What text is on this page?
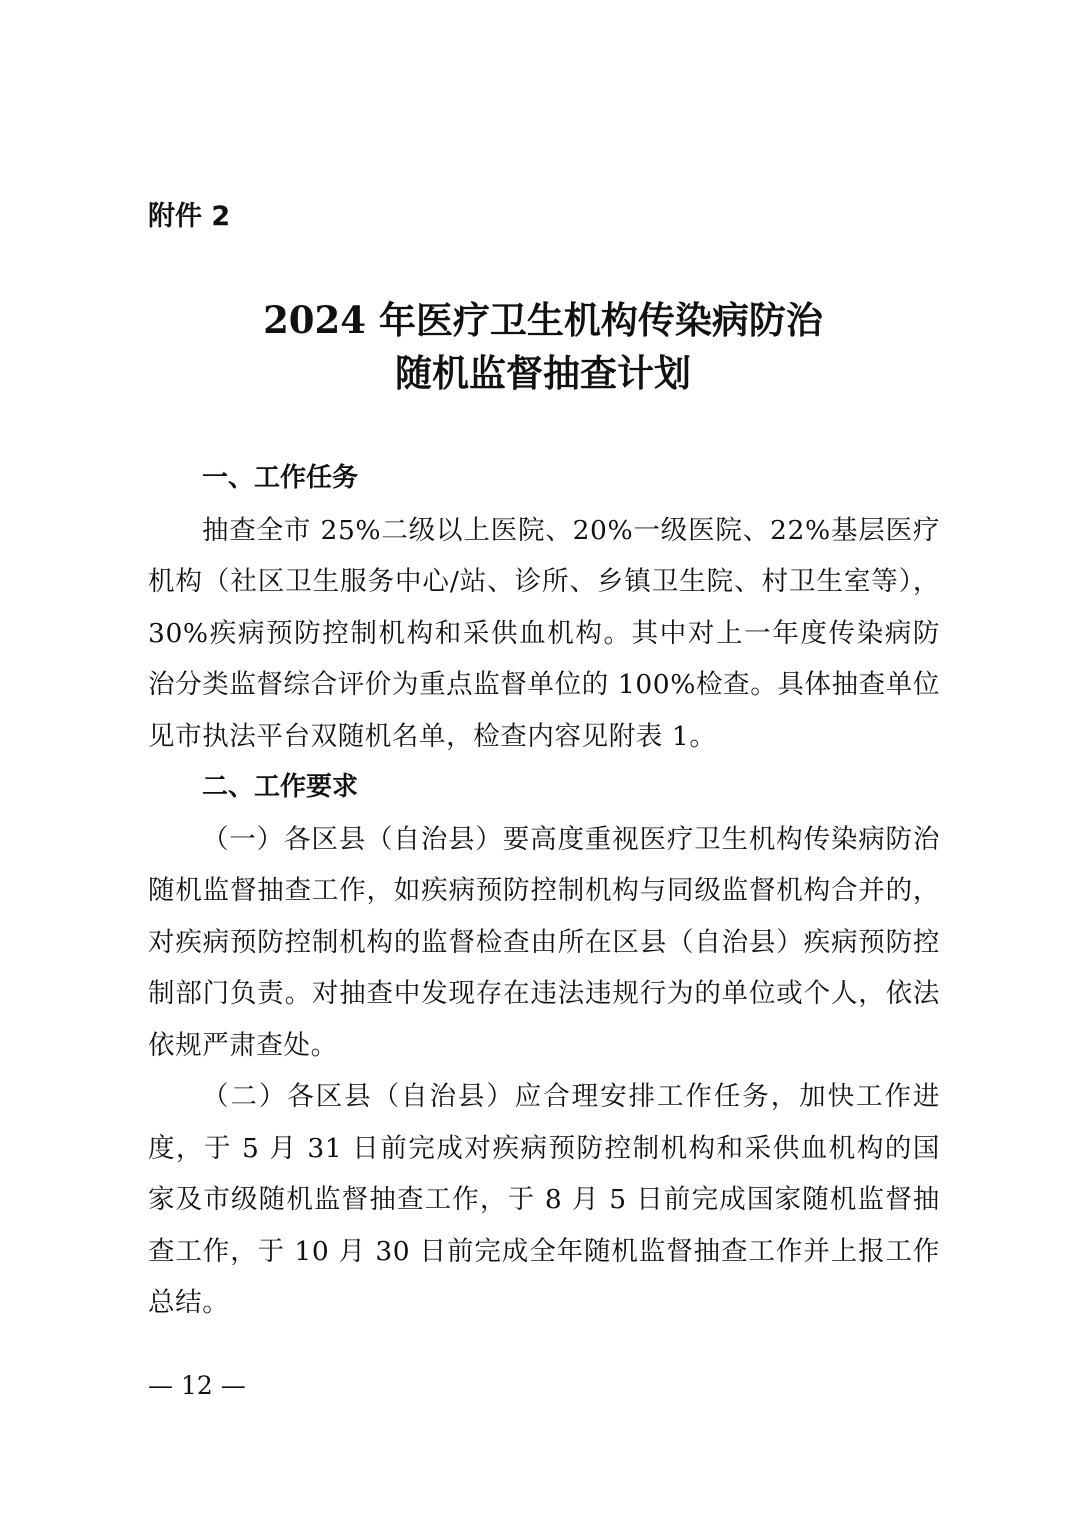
附件 2
2024 年医疗卫生机构传染病防治
随机监督抽查计划

一、工作任务

抽查全市 25%二级以上医院、20%一级医院、22%基层医疗机构（社区卫生服务中心/站、诊所、乡镇卫生院、村卫生室等），30%疾病预防控制机构和采供血机构。其中对上一年度传染病防治分类监督综合评价为重点监督单位的 100%检查。具体抽查单位见市执法平台双随机名单，检查内容见附表 1。

二、工作要求

（一）各区县（自治县）要高度重视医疗卫生机构传染病防治随机监督抽查工作，如疾病预防控制机构与同级监督机构合并的，对疾病预防控制机构的监督检查由所在区县（自治县）疾病预防控制部门负责。对抽查中发现存在违法违规行为的单位或个人，依法依规严肃查处。

（二）各区县（自治县）应合理安排工作任务，加快工作进度，于 5 月 31 日前完成对疾病预防控制机构和采供血机构的国家及市级随机监督抽查工作，于 8 月 5 日前完成国家随机监督抽查工作，于 10 月 30 日前完成全年随机监督抽查工作并上报工作总结。

— 12 —
